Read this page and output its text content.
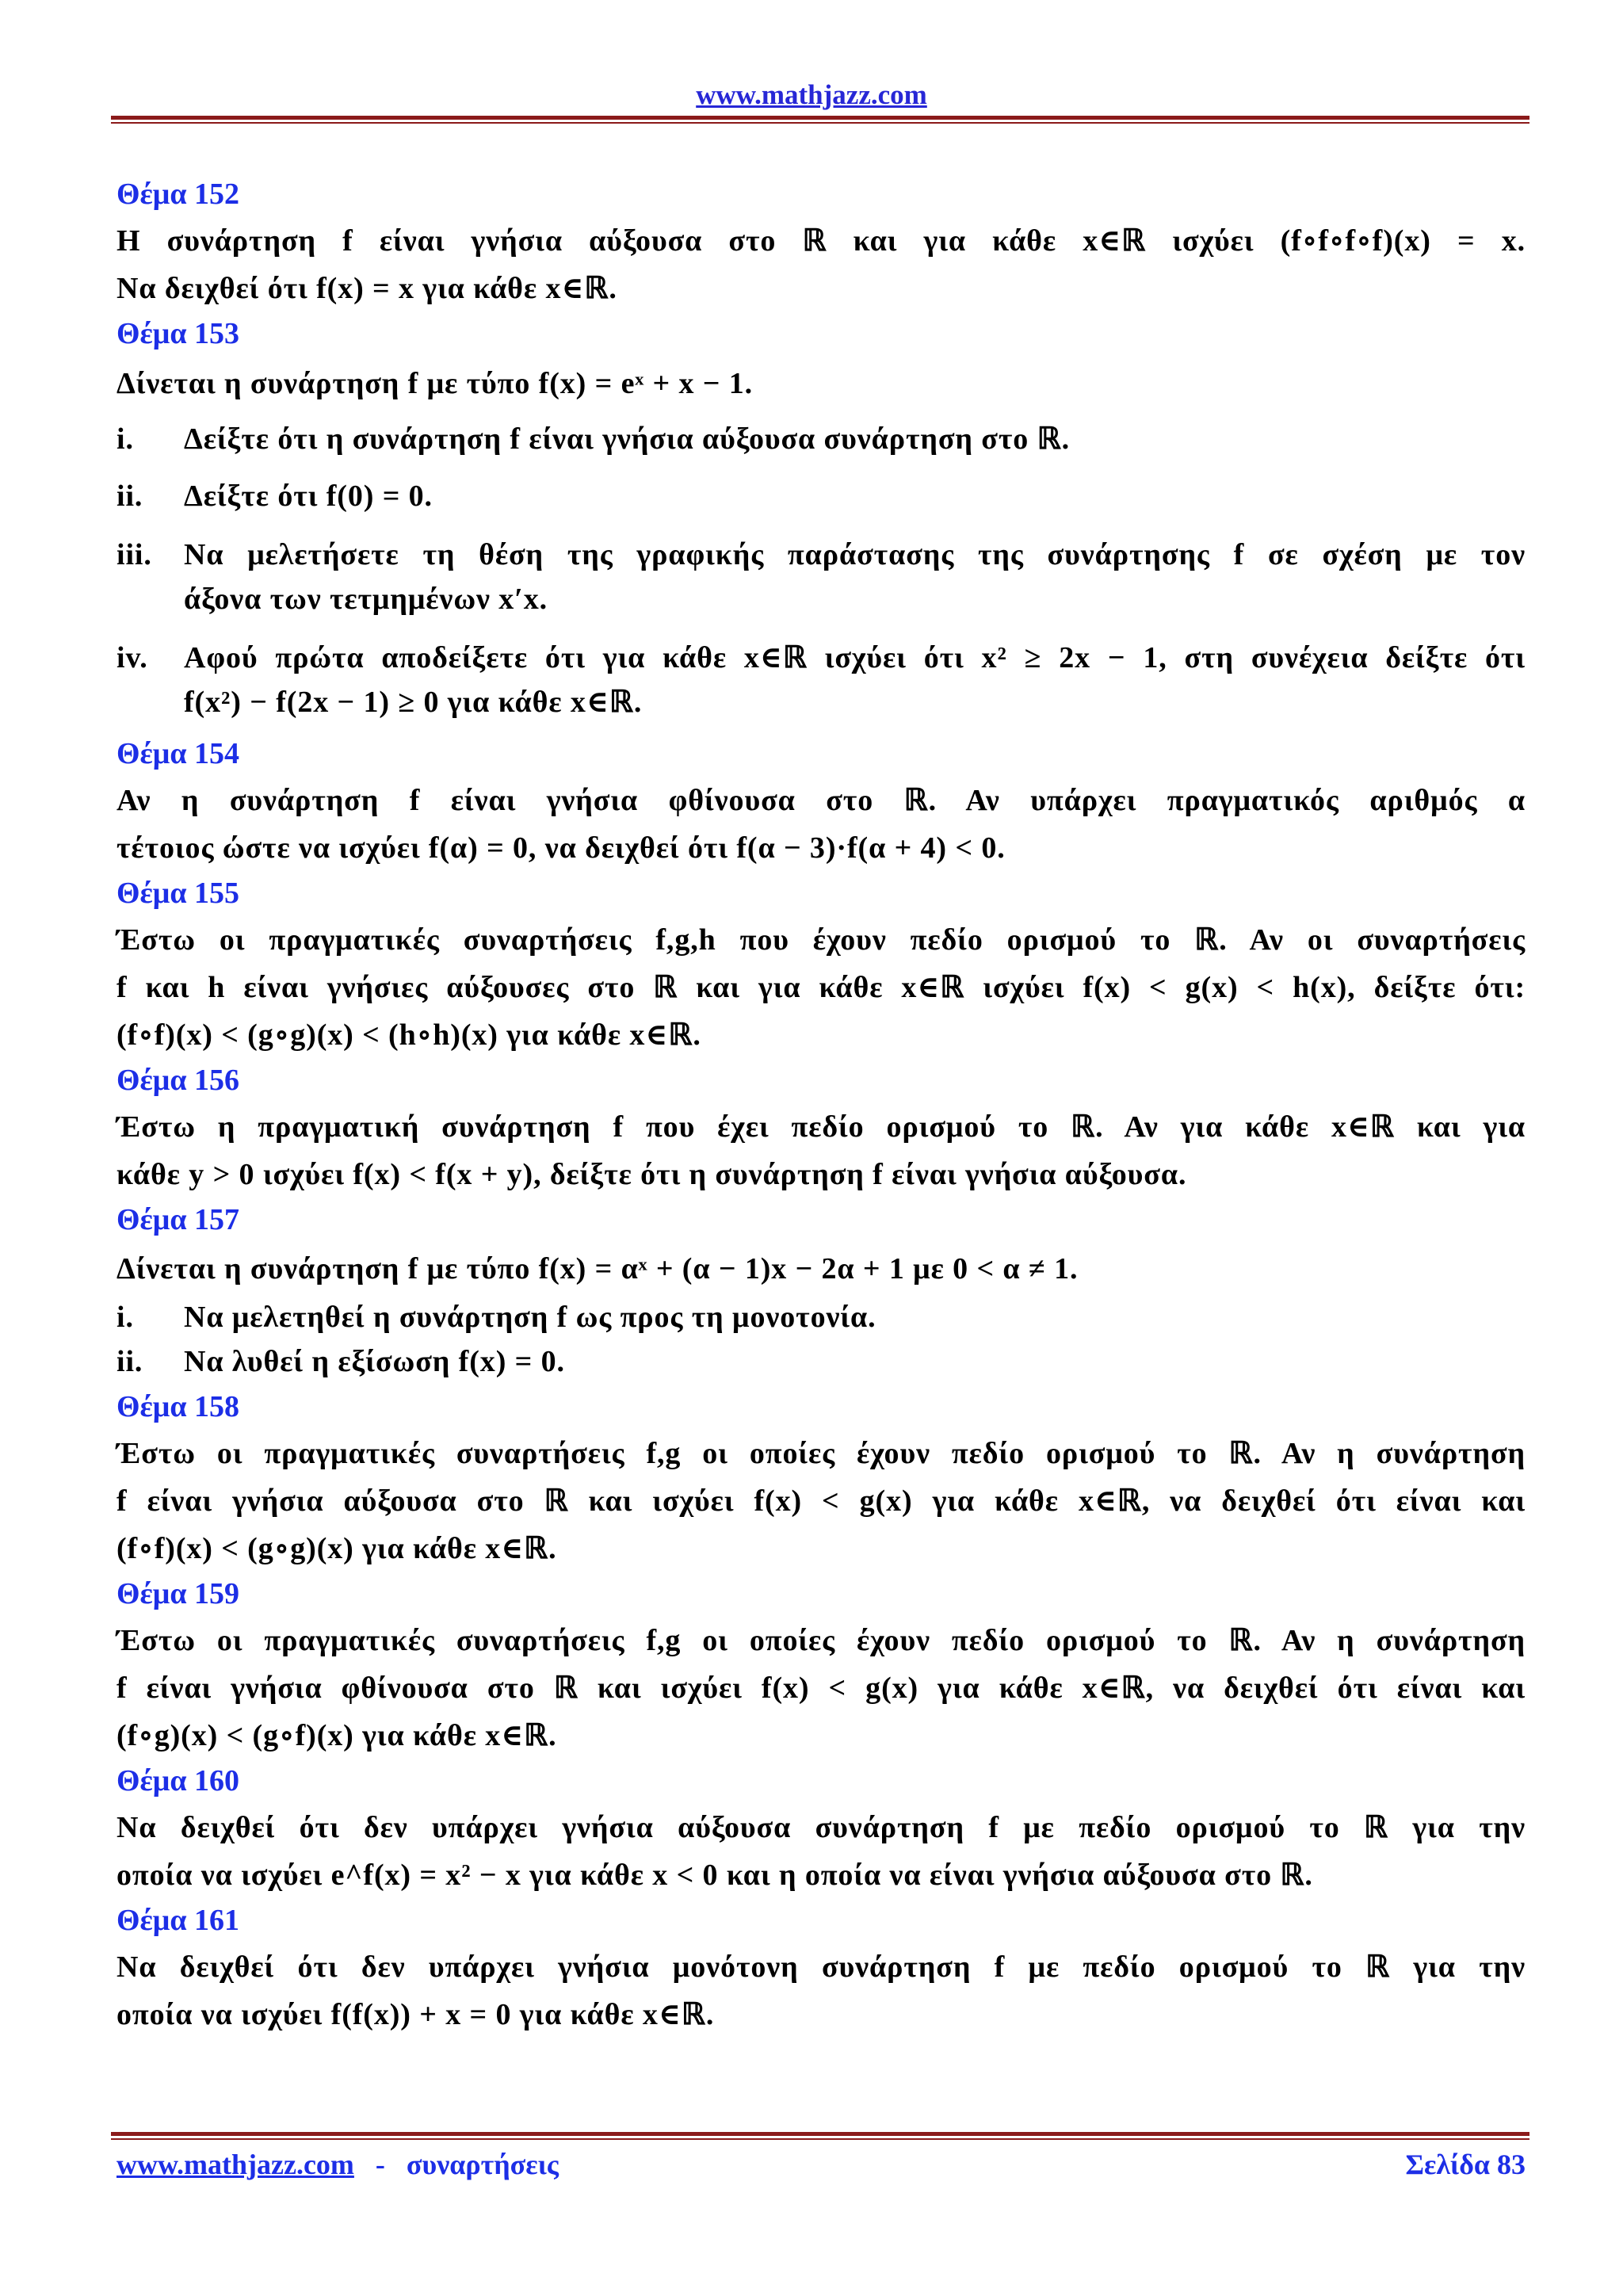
www.mathjazz.com
Θέμα 152
Η συνάρτηση f είναι γνήσια αύξουσα στο ℝ και για κάθε x∈ℝ ισχύει (f∘f∘f∘f)(x) = x.
Να δειχθεί ότι f(x) = x για κάθε x∈ℝ.
Θέμα 153
Δίνεται η συνάρτηση f με τύπο f(x) = eˣ + x − 1.
i. Δείξτε ότι η συνάρτηση f είναι γνήσια αύξουσα συνάρτηση στο ℝ.
ii. Δείξτε ότι f(0) = 0.
iii. Να μελετήσετε τη θέση της γραφικής παράστασης της συνάρτησης f σε σχέση με τον
άξονα των τετμημένων x′x.
iv. Αφού πρώτα αποδείξετε ότι για κάθε x∈ℝ ισχύει ότι x² ≥ 2x − 1, στη συνέχεια δείξτε ότι
f(x²) − f(2x − 1) ≥ 0 για κάθε x∈ℝ.
Θέμα 154
Αν η συνάρτηση f είναι γνήσια φθίνουσα στο ℝ. Αν υπάρχει πραγματικός αριθμός α
τέτοιος ώστε να ισχύει f(α) = 0, να δειχθεί ότι f(α − 3)·f(α + 4) < 0.
Θέμα 155
Έστω οι πραγματικές συναρτήσεις f,g,h που έχουν πεδίο ορισμού το ℝ. Αν οι συναρτήσεις
f και h είναι γνήσιες αύξουσες στο ℝ και για κάθε x∈ℝ ισχύει f(x) < g(x) < h(x), δείξτε ότι:
(f∘f)(x) < (g∘g)(x) < (h∘h)(x) για κάθε x∈ℝ.
Θέμα 156
Έστω η πραγματική συνάρτηση f που έχει πεδίο ορισμού το ℝ. Αν για κάθε x∈ℝ και για
κάθε y > 0 ισχύει f(x) < f(x + y), δείξτε ότι η συνάρτηση f είναι γνήσια αύξουσα.
Θέμα 157
Δίνεται η συνάρτηση f με τύπο f(x) = αˣ + (α − 1)x − 2α + 1 με 0 < α ≠ 1.
i. Να μελετηθεί η συνάρτηση f ως προς τη μονοτονία.
ii. Να λυθεί η εξίσωση f(x) = 0.
Θέμα 158
Έστω οι πραγματικές συναρτήσεις f,g οι οποίες έχουν πεδίο ορισμού το ℝ. Αν η συνάρτηση
f είναι γνήσια αύξουσα στο ℝ και ισχύει f(x) < g(x) για κάθε x∈ℝ, να δειχθεί ότι είναι και
(f∘f)(x) < (g∘g)(x) για κάθε x∈ℝ.
Θέμα 159
Έστω οι πραγματικές συναρτήσεις f,g οι οποίες έχουν πεδίο ορισμού το ℝ. Αν η συνάρτηση
f είναι γνήσια φθίνουσα στο ℝ και ισχύει f(x) < g(x) για κάθε x∈ℝ, να δειχθεί ότι είναι και
(f∘g)(x) < (g∘f)(x) για κάθε x∈ℝ.
Θέμα 160
Να δειχθεί ότι δεν υπάρχει γνήσια αύξουσα συνάρτηση f με πεδίο ορισμού το ℝ για την
οποία να ισχύει e^f(x) = x² − x για κάθε x < 0 και η οποία να είναι γνήσια αύξουσα στο ℝ.
Θέμα 161
Να δειχθεί ότι δεν υπάρχει γνήσια μονότονη συνάρτηση f με πεδίο ορισμού το ℝ για την
οποία να ισχύει f(f(x)) + x = 0 για κάθε x∈ℝ.
www.mathjazz.com - συναρτήσεις	Σελίδα 83
